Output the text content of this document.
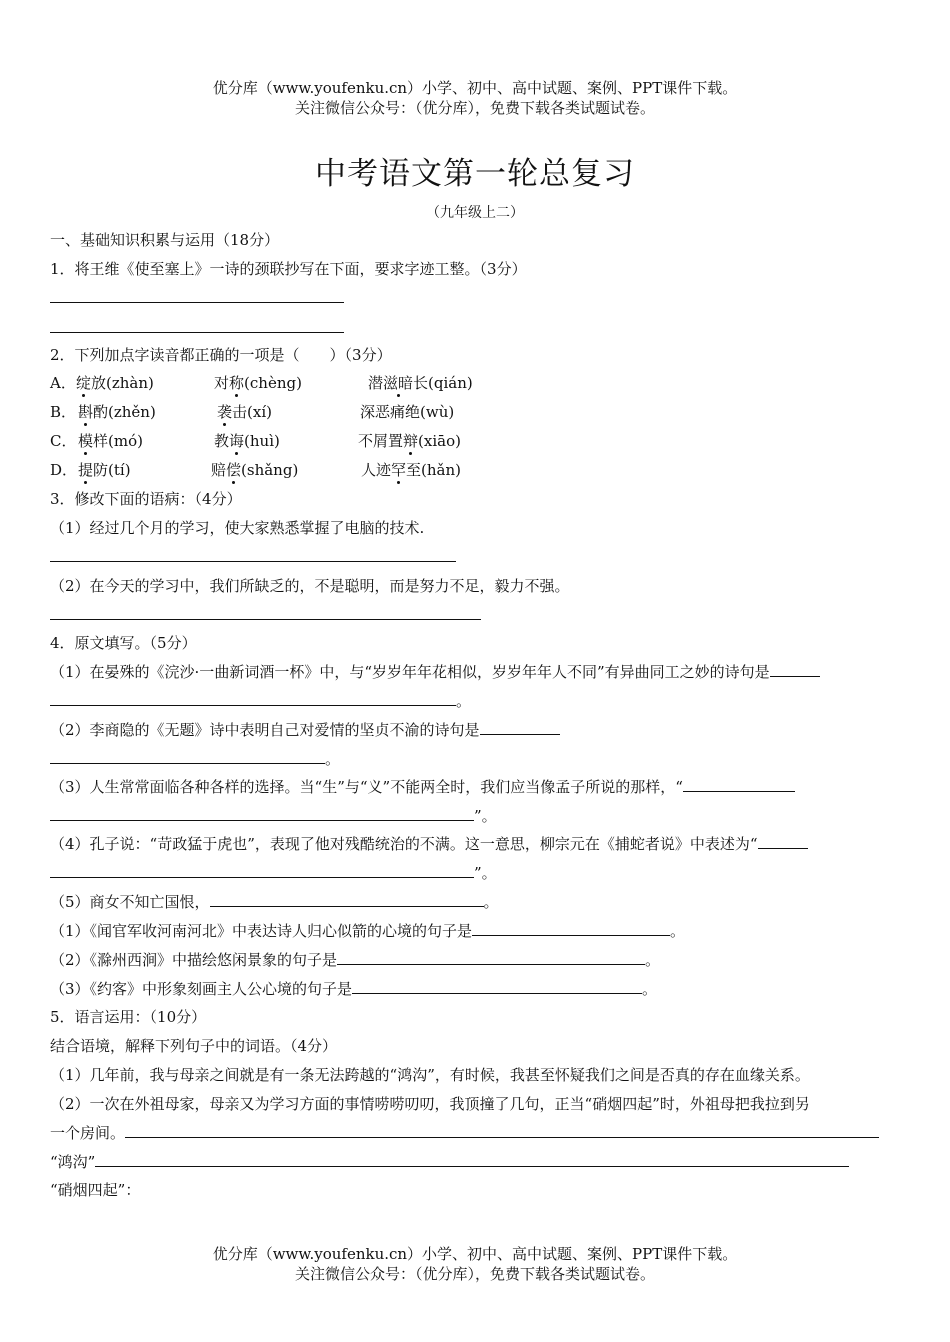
优分库（www.youfenku.cn）小学、初中、高中试题、案例、PPT课件下载。
关注微信公众号：（优分库），免费下载各类试题试卷。
中考语文第一轮总复习
（九年级上二）
一、基础知识积累与运用（18分）
1．将王维《使至塞上》一诗的颈联抄写在下面，要求字迹工整。（3分）
2．下列加点字读音都正确的一项是（　　）（3分）
A． 绽放(zhàn)	对称(chèng)	潜滋暗长(qián)
B． 斟酌(zhěn)	袭击(xí)	深恶痛绝(wù)
C． 模样(mó)	教诲(huì)	不屑置辩(xiāo)
D． 提防(tí)	赔偿(shǎng)	人迹罕至(hǎn)
3．修改下面的语病：（4分）
（1）经过几个月的学习，使大家熟悉掌握了电脑的技术.
（2）在今天的学习中，我们所缺乏的，不是聪明，而是努力不足，毅力不强。
4．原文填写。（5分）
（1）在晏殊的《浣沙·一曲新词酒一杯》中，与“岁岁年年花相似，岁岁年年人不同”有异曲同工之妙的诗句是
。
（2）李商隐的《无题》诗中表明自己对爱情的坚贞不渝的诗句是
。
（3）人生常常面临各种各样的选择。当“生”与“义”不能两全时，我们应当像孟子所说的那样，“
”。
（4）孔子说：“苛政猛于虎也”，表现了他对残酷统治的不满。这一意思，柳宗元在《捕蛇者说》中表述为“
”。
（5）商女不知亡国恨，	。
（1）《闻官军收河南河北》中表达诗人归心似箭的心境的句子是	。
（2）《滁州西涧》中描绘悠闲景象的句子是	。
（3）《约客》中形象刻画主人公心境的句子是	。
5．语言运用：（10分）
结合语境，解释下列句子中的词语。（4分）
（1）几年前，我与母亲之间就是有一条无法跨越的“鸿沟”，有时候，我甚至怀疑我们之间是否真的存在血缘关系。
（2）一次在外祖母家，母亲又为学习方面的事情唠唠叨叨，我顶撞了几句，正当“硝烟四起”时，外祖母把我拉到另
一个房间。
“鸿沟”
“硝烟四起”：
优分库（www.youfenku.cn）小学、初中、高中试题、案例、PPT课件下载。
关注微信公众号：（优分库），免费下载各类试题试卷。
